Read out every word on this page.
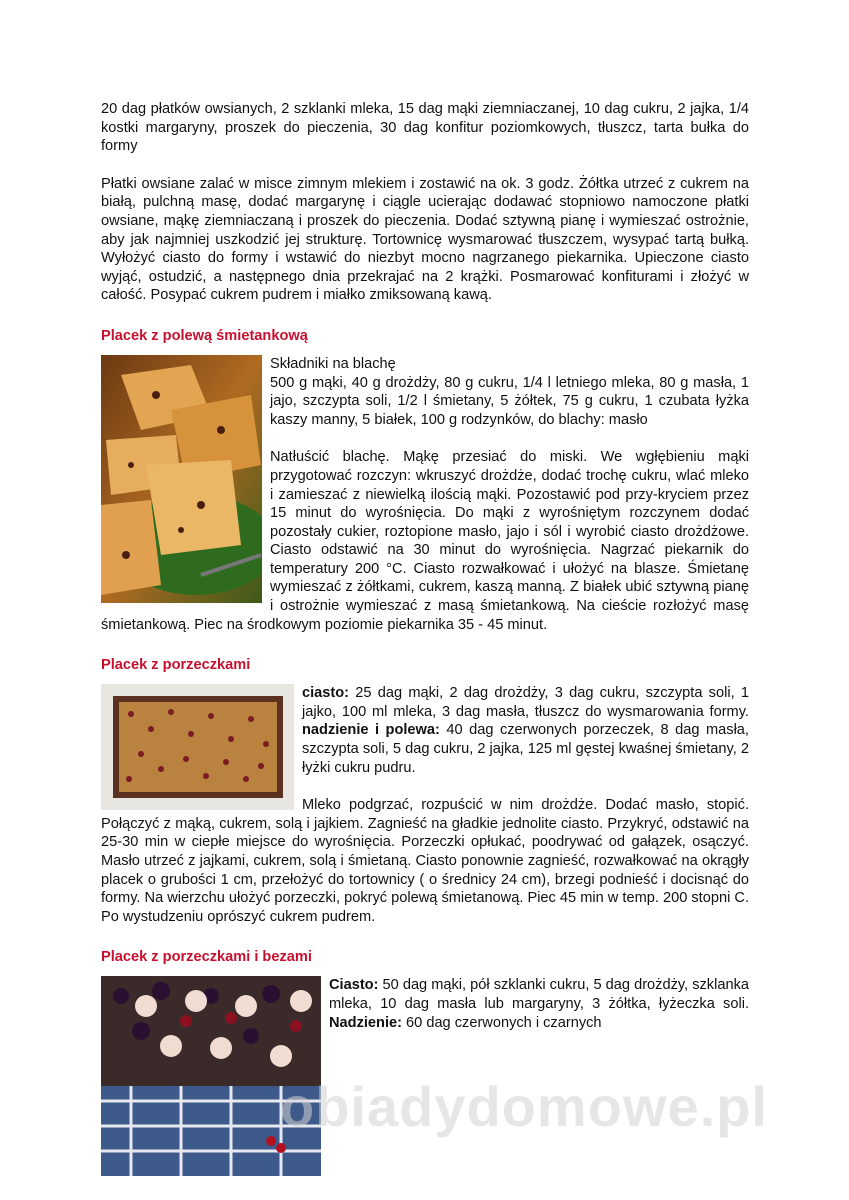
20 dag płatków owsianych, 2 szklanki mleka, 15 dag mąki ziemniaczanej, 10 dag cukru, 2 jajka, 1/4 kostki margaryny, proszek do pieczenia, 30 dag konfitur poziomkowych, tłuszcz, tarta bułka do formy

Płatki owsiane zalać w misce zimnym mlekiem i zostawić na ok. 3 godz. Żółtka utrzeć z cukrem na białą, pulchną masę, dodać margarynę i ciągle ucierając dodawać stopniowo namoczone płatki owsiane, mąkę ziemniaczaną i proszek do pieczenia. Dodać sztywną pianę i wymieszać ostrożnie, aby jak najmniej uszkodzić jej strukturę. Tortownicę wysmarować tłuszczem, wysypać tartą bułką. Wyłożyć ciasto do formy i wstawić do niezbyt mocno nagrzanego piekarnika. Upieczone ciasto wyjąć, ostudzić, a następnego dnia przekrajać na 2 krążki. Posmarować konfiturami i złożyć w całość. Posypać cukrem pudrem i miałko zmiksowaną kawą.

Placek z polewą śmietankową

Składniki na blachę

500 g mąki, 40 g drożdży, 80 g cukru, 1/4 l letniego mleka, 80 g masła, 1 jajo, szczypta soli, 1/2 l śmietany, 5 żółtek, 75 g cukru, 1 czubata łyżka kaszy manny, 5 białek, 100 g rodzynków, do blachy: masło

Natłuścić blachę. Mąkę przesiać do miski. We wgłębieniu mąki przygotować rozczyn: wkruszyć drożdże, dodać trochę cukru, wlać mleko i zamieszać z niewielką ilością mąki. Pozostawić pod przy-kryciem przez 15 minut do wyrośnięcia. Do mąki z wyrośniętym rozczynem dodać pozostały cukier, roztopione masło, jajo i sól i wyrobić ciasto drożdżowe. Ciasto odstawić na 30 minut do wyrośnięcia. Nagrzać piekarnik do temperatury 200 °C. Ciasto rozwałkować i ułożyć na blasze. Śmietanę wymieszać z żółtkami, cukrem, kaszą manną. Z białek ubić sztywną pianę i ostrożnie wymieszać z masą śmietankową. Na cieście rozłożyć masę śmietankową. Piec na środkowym poziomie piekarnika 35 - 45 minut.

Placek z porzeczkami

ciasto: 25 dag mąki, 2 dag drożdży, 3 dag cukru, szczypta soli, 1 jajko, 100 ml mleka, 3 dag masła, tłuszcz do wysmarowania formy. nadzienie i polewa: 40 dag czerwonych porzeczek, 8 dag masła, szczypta soli, 5 dag cukru, 2 jajka, 125 ml gęstej kwaśnej śmietany, 2 łyżki cukru pudru.

Mleko podgrzać, rozpuścić w nim drożdże. Dodać masło, stopić. Połączyć z mąką, cukrem, solą i jajkiem. Zagnieść na gładkie jednolite ciasto. Przykryć, odstawić na 25-30 min w ciepłe miejsce do wyrośnięcia. Porzeczki opłukać, poodrywać od gałązek, osączyć. Masło utrzeć z jajkami, cukrem, solą i śmietaną. Ciasto ponownie zagnieść, rozwałkować na okrągły placek o grubości 1 cm, przełożyć do tortownicy ( o średnicy 24 cm), brzegi podnieść i docisnąć do formy. Na wierzchu ułożyć porzeczki, pokryć polewą śmietanową. Piec 45 min w temp. 200 stopni C. Po wystudzeniu oprószyć cukrem pudrem.

Placek z porzeczkami i bezami

Ciasto: 50 dag mąki, pół szklanki cukru, 5 dag drożdży, szklanka mleka, 10 dag masła lub margaryny, 3 żółtka, łyżeczka soli. Nadzienie: 60 dag czerwonych i czarnych

obiadydomowe.pl
